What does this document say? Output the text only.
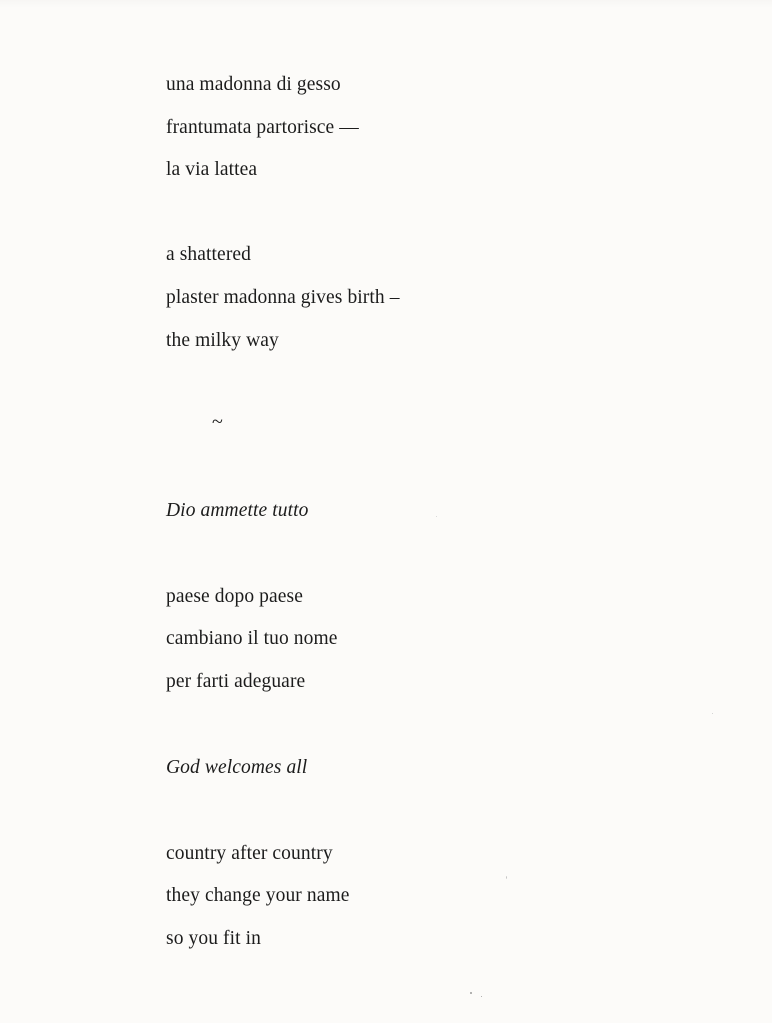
una madonna di gesso
frantumata partorisce —
la via lattea
a shattered
plaster madonna gives birth –
the milky way
~
Dio ammette tutto
paese dopo paese
cambiano il tuo nome
per farti adeguare
God welcomes all
country after country
they change your name
so you fit in
